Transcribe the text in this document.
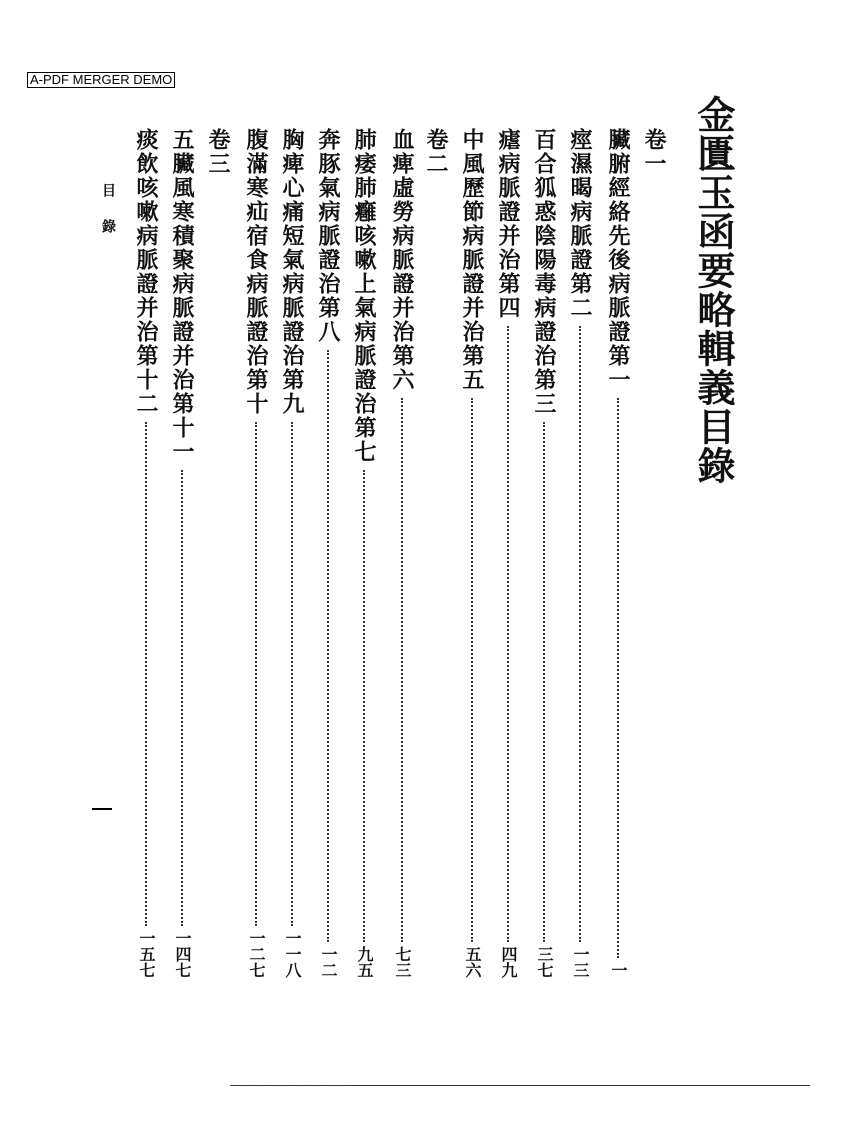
A-PDF MERGER DEMO
金匱玉函要略輯義目錄
卷一
臟腑經絡先後病脈證第一
一
痙濕暍病脈證第二
一三
百合狐惑陰陽毒病證治第三
三七
瘧病脈證并治第四
四九
中風歷節病脈證并治第五
五六
卷二
血痺虛勞病脈證并治第六
七三
肺痿肺癰咳嗽上氣病脈證治第七
九五
奔豚氣病脈證治第八
一二
胸痺心痛短氣病脈證治第九
一一八
腹滿寒疝宿食病脈證治第十
一二七
卷三
五臟風寒積聚病脈證并治第十一
一四七
痰飲咳嗽病脈證并治第十二
一五七
目錄
